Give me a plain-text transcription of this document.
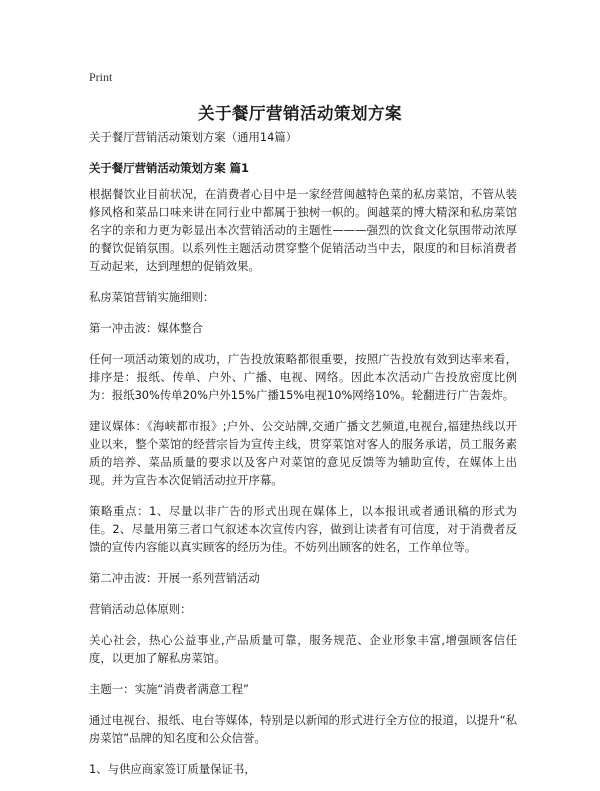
Print
关于餐厅营销活动策划方案

关于餐厅营销活动策划方案（通用14篇）

关于餐厅营销活动策划方案 篇1

根据餐饮业目前状况，在消费者心目中是一家经营闽越特色菜的私房菜馆，不管从装修风格和菜品口味来讲在同行业中都属于独树一帜的。闽越菜的博大精深和私房菜馆名字的亲和力更为彰显出本次营销活动的主题性———强烈的饮食文化氛围带动浓厚的餐饮促销氛围。以系列性主题活动贯穿整个促销活动当中去，限度的和目标消费者互动起来，达到理想的促销效果。

私房菜馆营销实施细则：

第一冲击波：媒体整合

任何一项活动策划的成功，广告投放策略都很重要，按照广告投放有效到达率来看，排序是：报纸、传单、户外、广播、电视、网络。因此本次活动广告投放密度比例为：报纸30%传单20%户外15%广播15%电视10%网络10%。轮翻进行广告轰炸。

建议媒体：《海峡都市报》;户外、公交站牌,交通广播文艺频道,电视台,福建热线以开业以来，整个菜馆的经营宗旨为宣传主线，贯穿菜馆对客人的服务承诺，员工服务素质的培养、菜品质量的要求以及客户对菜馆的意见反馈等为辅助宣传，在媒体上出现。并为宣告本次促销活动拉开序幕。

策略重点：1、尽量以非广告的形式出现在媒体上，以本报讯或者通讯稿的形式为佳。2、尽量用第三者口气叙述本次宣传内容，做到让读者有可信度，对于消费者反馈的宣传内容能以真实顾客的经历为佳。不妨列出顾客的姓名，工作单位等。

第二冲击波：开展一系列营销活动

营销活动总体原则：

关心社会，热心公益事业,产品质量可靠，服务规范、企业形象丰富,增强顾客信任度，以更加了解私房菜馆。

主题一：实施“消费者满意工程”

通过电视台、报纸、电台等媒体，特别是以新闻的形式进行全方位的报道，以提升“私房菜馆”品牌的知名度和公众信誉。

1、与供应商家签订质量保证书，
